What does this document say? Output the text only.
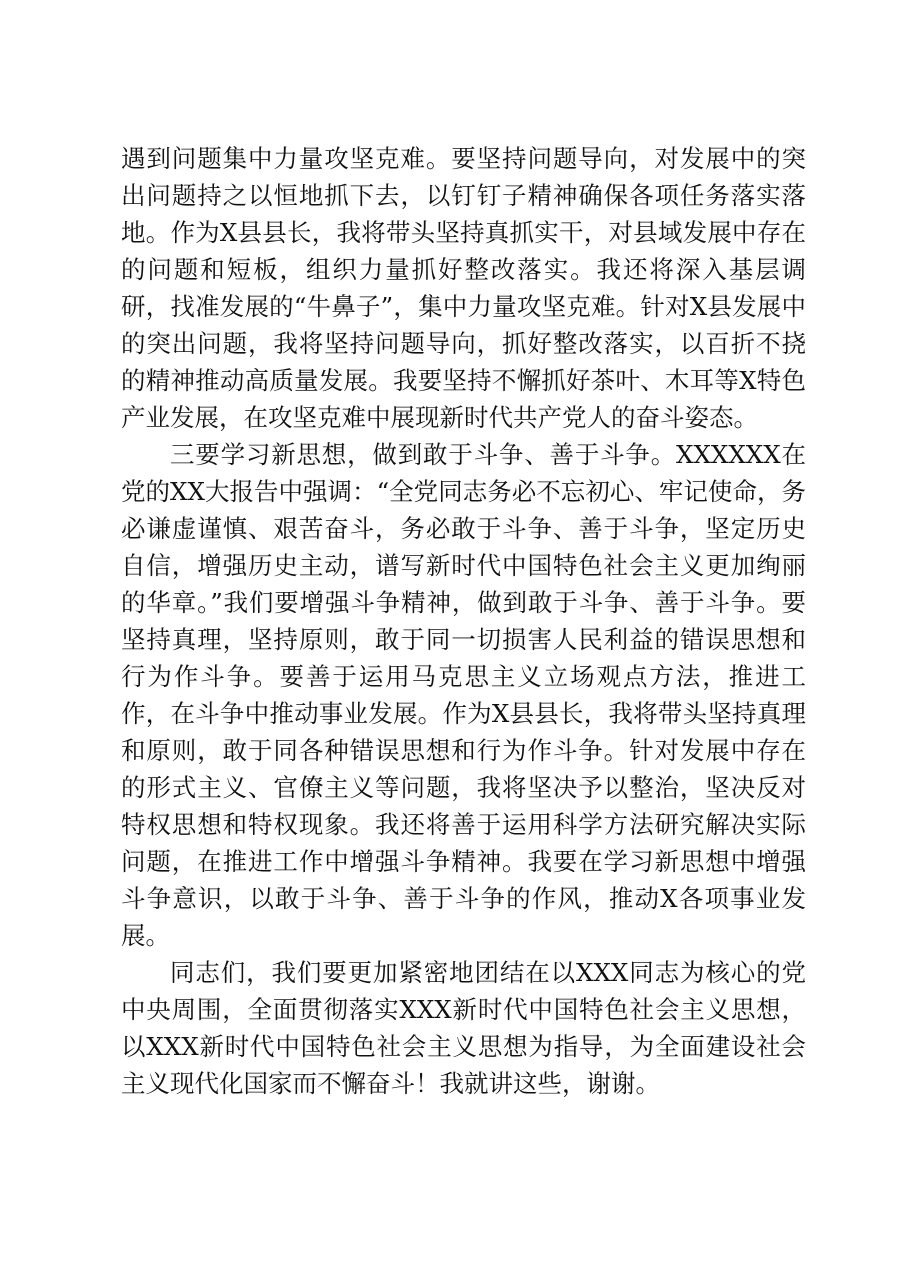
遇到问题集中力量攻坚克难。要坚持问题导向，对发展中的突出问题持之以恒地抓下去，以钉钉子精神确保各项任务落实落地。作为X县县长，我将带头坚持真抓实干，对县域发展中存在的问题和短板，组织力量抓好整改落实。我还将深入基层调研，找准发展的“牛鼻子”，集中力量攻坚克难。针对X县发展中的突出问题，我将坚持问题导向，抓好整改落实，以百折不挠的精神推动高质量发展。我要坚持不懈抓好茶叶、木耳等X特色产业发展，在攻坚克难中展现新时代共产党人的奋斗姿态。

三要学习新思想，做到敢于斗争、善于斗争。XXXXXX在党的XX大报告中强调：“全党同志务必不忘初心、牢记使命，务必谦虚谨慎、艰苦奋斗，务必敢于斗争、善于斗争，坚定历史自信，增强历史主动，谱写新时代中国特色社会主义更加绚丽的华章。”我们要增强斗争精神，做到敢于斗争、善于斗争。要坚持真理，坚持原则，敢于同一切损害人民利益的错误思想和行为作斗争。要善于运用马克思主义立场观点方法，推进工作，在斗争中推动事业发展。作为X县县长，我将带头坚持真理和原则，敢于同各种错误思想和行为作斗争。针对发展中存在的形式主义、官僚主义等问题，我将坚决予以整治，坚决反对特权思想和特权现象。我还将善于运用科学方法研究解决实际问题，在推进工作中增强斗争精神。我要在学习新思想中增强斗争意识，以敢于斗争、善于斗争的作风，推动X各项事业发展。

同志们，我们要更加紧密地团结在以XXX同志为核心的党中央周围，全面贯彻落实XXX新时代中国特色社会主义思想，以XXX新时代中国特色社会主义思想为指导，为全面建设社会主义现代化国家而不懈奋斗！我就讲这些，谢谢。
